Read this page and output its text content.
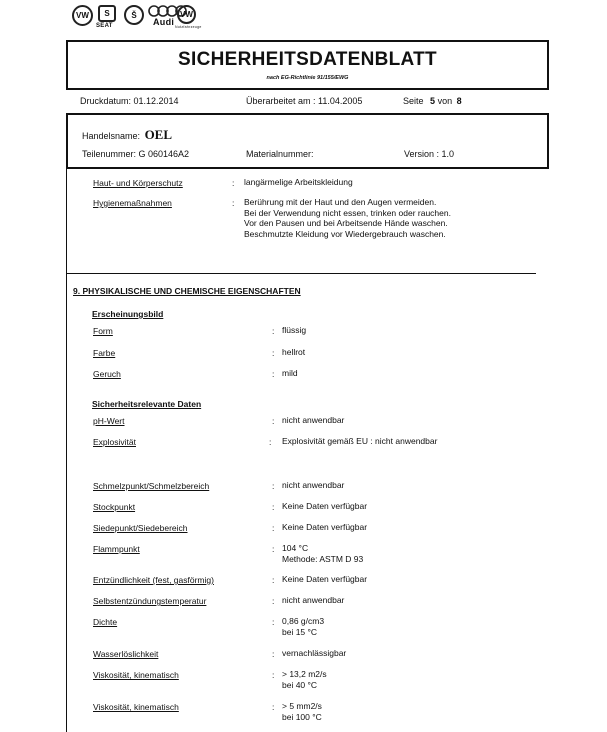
VW	S
SEAT
Š
Audi
VW
Nutzfahrzeuge
SICHERHEITSDATENBLATT
nach EG-Richtlinie 91/155/EWG
Druckdatum: 01.12.2014	Überarbeitet am : 11.04.2005	Seite 5 von 8
Handelsname: OEL
Teilenummer: G 060146A2	Materialnummer:	Version : 1.0
Haut- und Körperschutz	: langärmelige Arbeitskleidung
Hygienemaßnahmen	: Berührung mit der Haut und den Augen vermeiden.
Bei der Verwendung nicht essen, trinken oder rauchen.
Vor den Pausen und bei Arbeitsende Hände waschen.
Beschmutzte Kleidung vor Wiedergebrauch waschen.
9. PHYSIKALISCHE UND CHEMISCHE EIGENSCHAFTEN
Erscheinungsbild
Form	: flüssig
Farbe	: hellrot
Geruch	: mild
Sicherheitsrelevante Daten
pH-Wert	: nicht anwendbar
Explosivität	: Explosivität gemäß EU : nicht anwendbar
Schmelzpunkt/Schmelzbereich	: nicht anwendbar
Stockpunkt	: Keine Daten verfügbar
Siedepunkt/Siedebereich	: Keine Daten verfügbar
Flammpunkt	: 104 °C
Methode: ASTM D 93
Entzündlichkeit (fest, gasförmig)	: Keine Daten verfügbar
Selbstentzündungstemperatur	: nicht anwendbar
Dichte	: 0,86 g/cm3
bei 15 °C
Wasserlöslichkeit	: vernachlässigbar
Viskosität, kinematisch	: > 13,2 m2/s
bei 40 °C
Viskosität, kinematisch	: > 5 mm2/s
bei 100 °C
